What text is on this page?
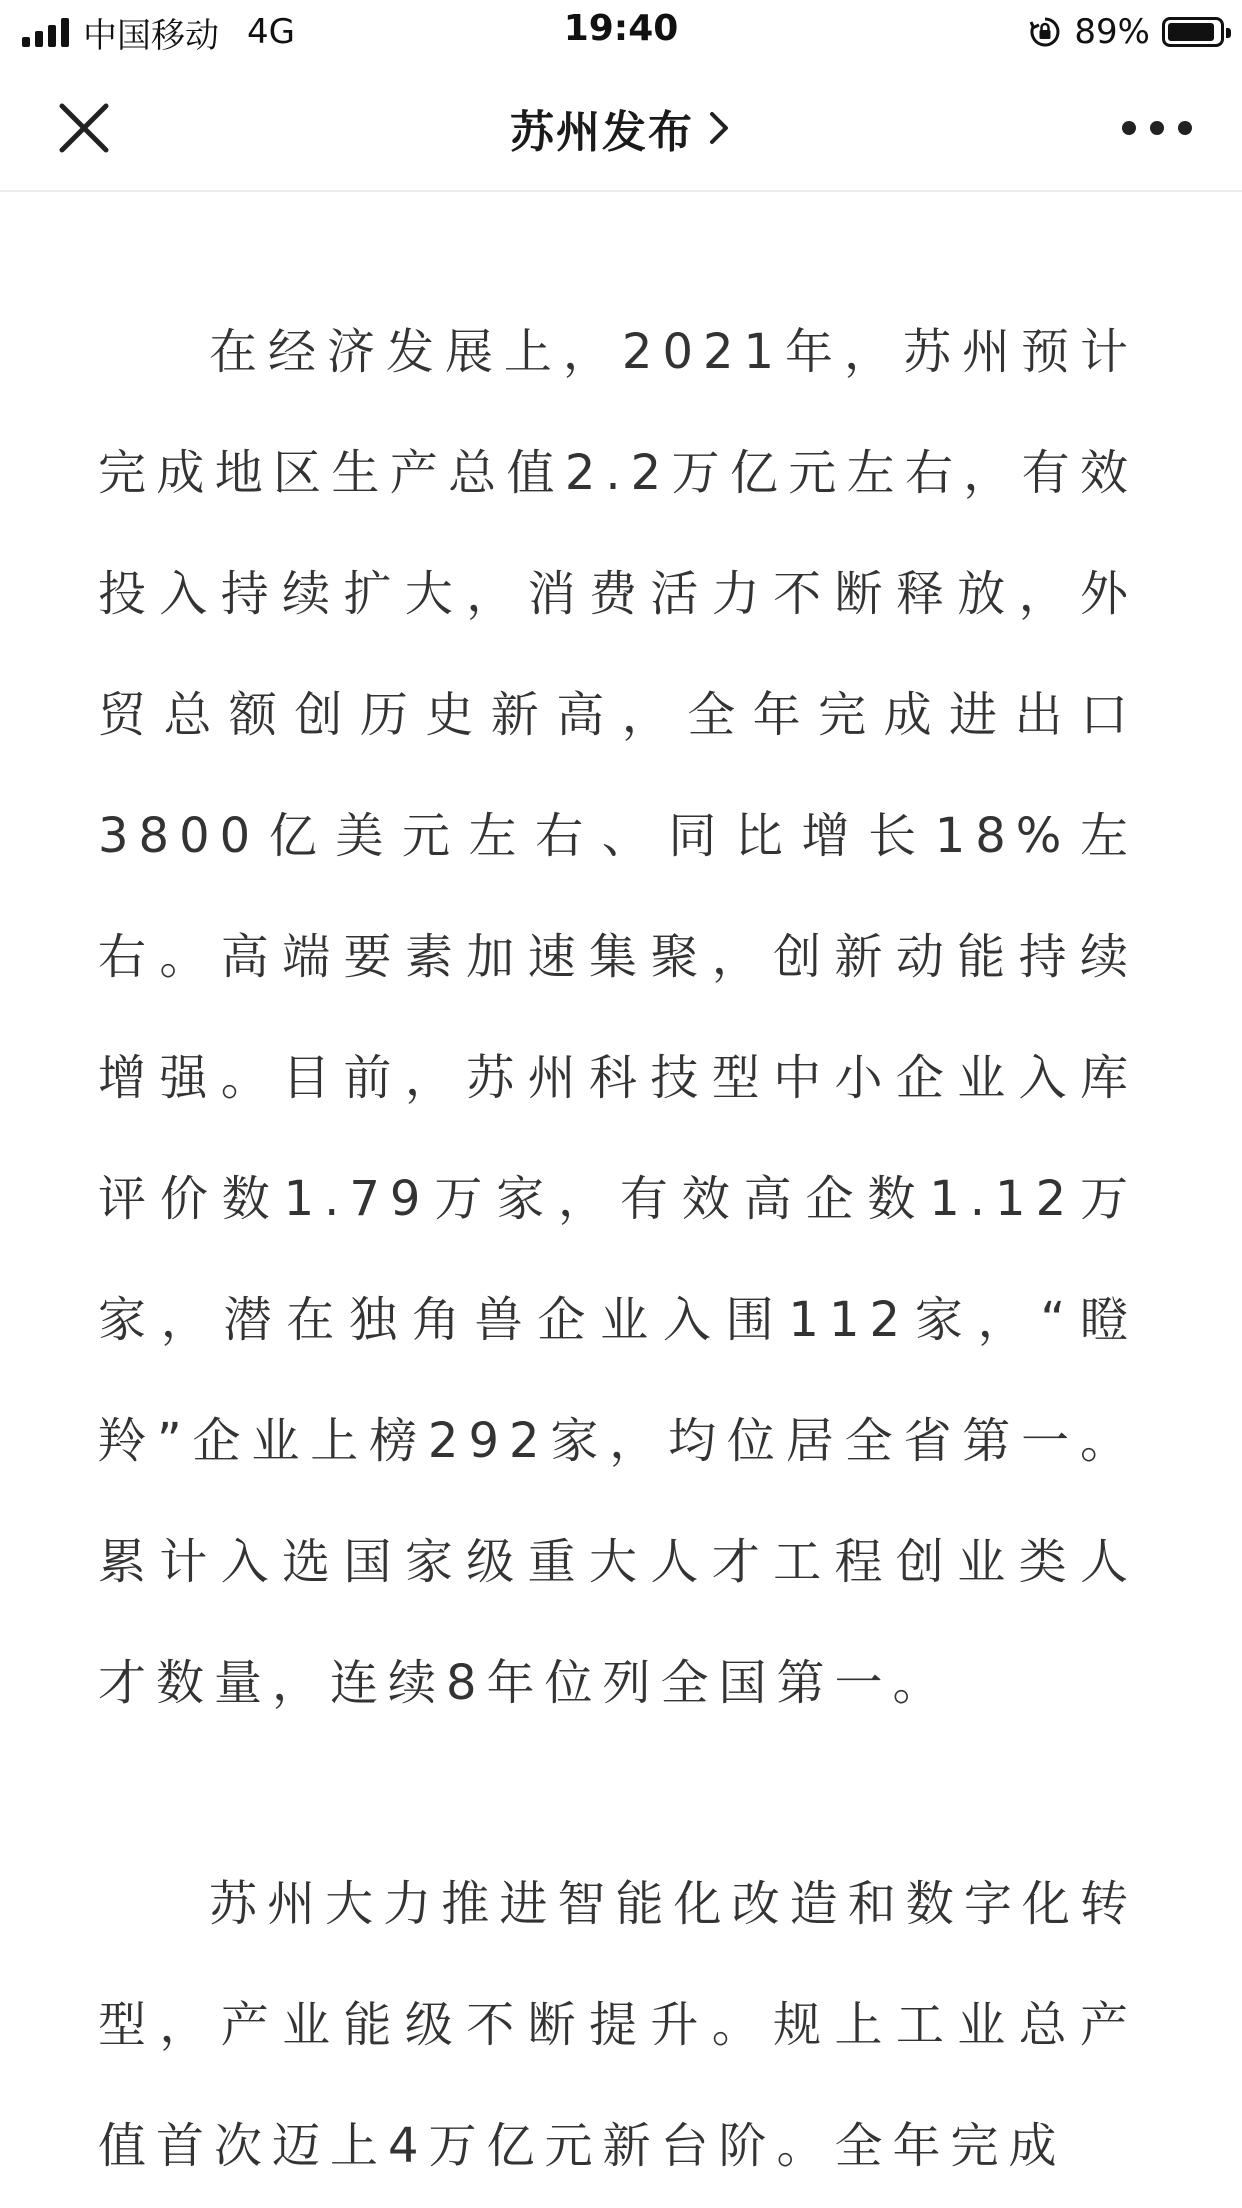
中国移动 4G	19:40	89%
苏州发布

在经济发展上，2021年，苏州预计完成地区生产总值2.2万亿元左右，有效投入持续扩大，消费活力不断释放，外贸总额创历史新高，全年完成进出口3800亿美元左右、同比增长18%左右。高端要素加速集聚，创新动能持续增强。目前，苏州科技型中小企业入库评价数1.79万家，有效高企数1.12万家，潜在独角兽企业入围112家，“瞪羚”企业上榜292家，均位居全省第一。累计入选国家级重大人才工程创业类人才数量，连续8年位列全国第一。

苏州大力推进智能化改造和数字化转型，产业能级不断提升。规上工业总产值首次迈上4万亿元新台阶。全年完成
